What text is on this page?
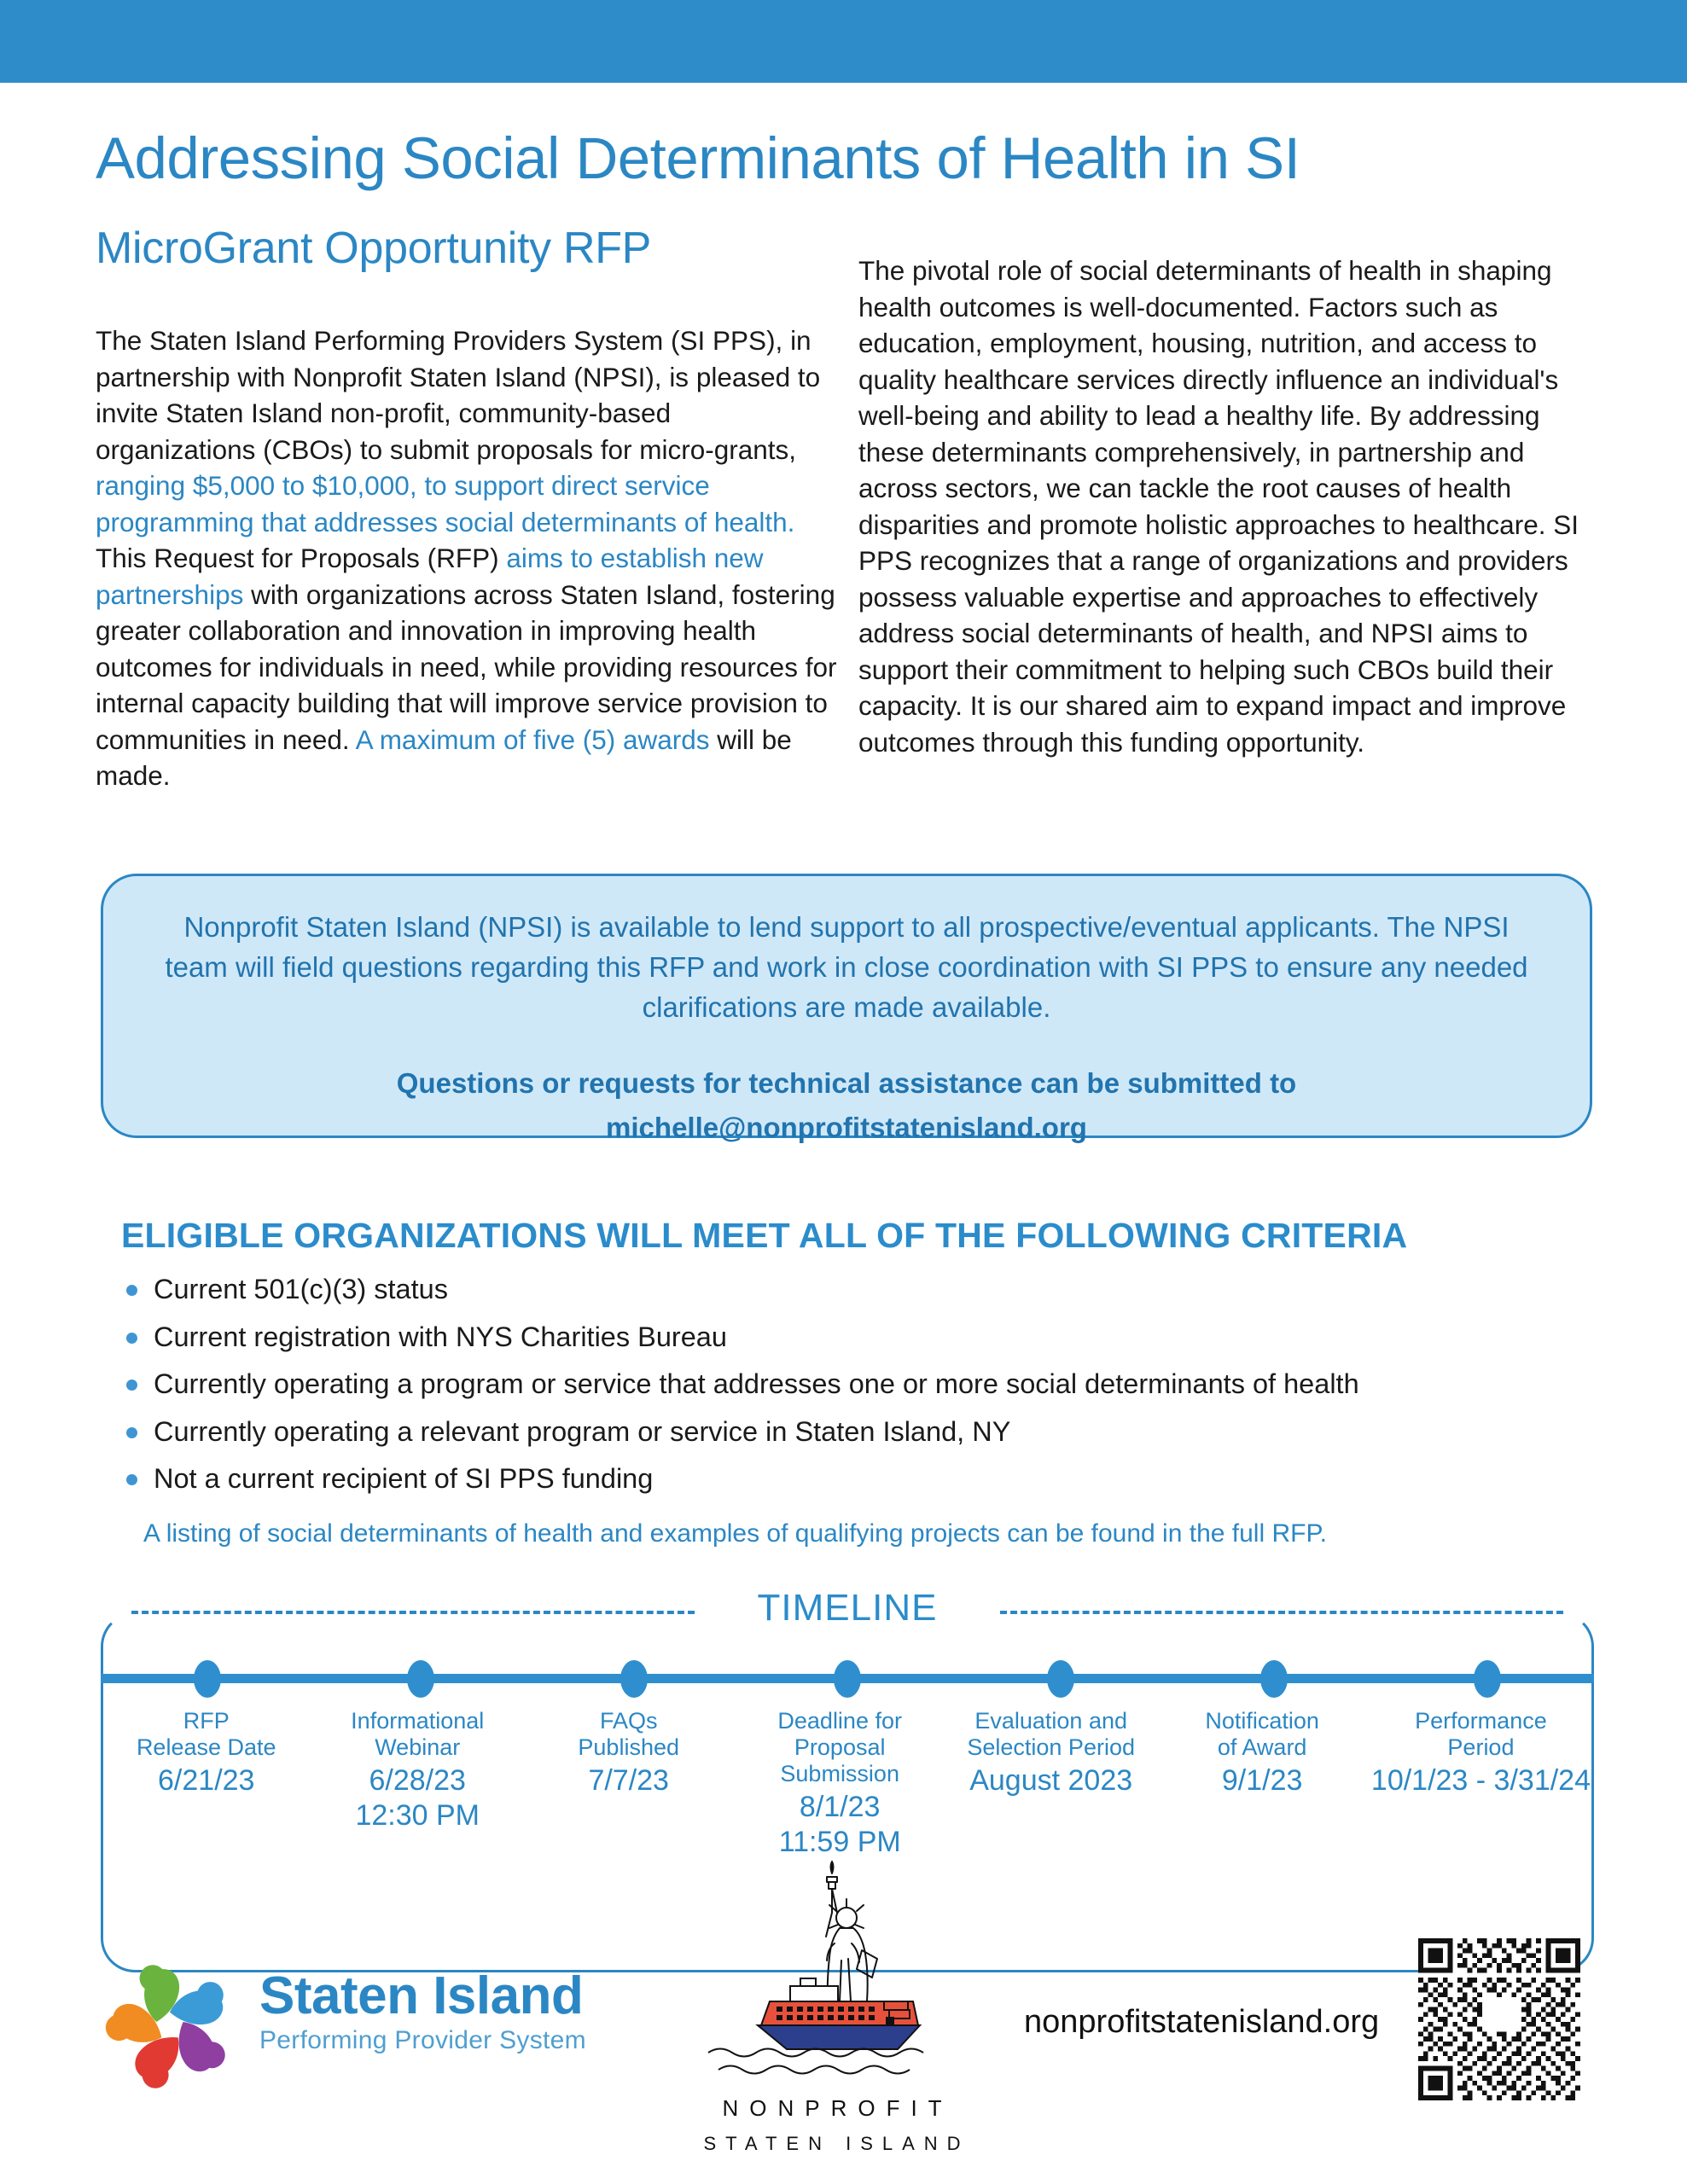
Addressing Social Determinants of Health in SI
MicroGrant Opportunity RFP
The Staten Island Performing Providers System (SI PPS), in partnership with Nonprofit Staten Island (NPSI), is pleased to invite Staten Island non-profit, community-based organizations (CBOs) to submit proposals for micro-grants, ranging $5,000 to $10,000, to support direct service programming that addresses social determinants of health. This Request for Proposals (RFP) aims to establish new partnerships with organizations across Staten Island, fostering greater collaboration and innovation in improving health outcomes for individuals in need, while providing resources for internal capacity building that will improve service provision to communities in need. A maximum of five (5) awards will be made.
The pivotal role of social determinants of health in shaping health outcomes is well-documented. Factors such as education, employment, housing, nutrition, and access to quality healthcare services directly influence an individual's well-being and ability to lead a healthy life. By addressing these determinants comprehensively, in partnership and across sectors, we can tackle the root causes of health disparities and promote holistic approaches to healthcare. SI PPS recognizes that a range of organizations and providers possess valuable expertise and approaches to effectively address social determinants of health, and NPSI aims to support their commitment to helping such CBOs build their capacity. It is our shared aim to expand impact and improve outcomes through this funding opportunity.

Nonprofit Staten Island (NPSI) is available to lend support to all prospective/eventual applicants. The NPSI team will field questions regarding this RFP and work in close coordination with SI PPS to ensure any needed clarifications are made available.

Questions or requests for technical assistance can be submitted to

michelle@nonprofitstatenisland.org

ELIGIBLE ORGANIZATIONS WILL MEET ALL OF THE FOLLOWING CRITERIA
Current 501(c)(3) status
Current registration with NYS Charities Bureau
Currently operating a program or service that addresses one or more social determinants of health
Currently operating a relevant program or service in Staten Island, NY
Not a current recipient of SI PPS funding
A listing of social determinants of health and examples of qualifying projects can be found in the full RFP.
TIMELINE
RFP
Release Date
6/21/23
Informational
Webinar
6/28/23
12:30 PM
FAQs
Published
7/7/23
Deadline for
Proposal Submission
8/1/23
11:59 PM
Evaluation and
Selection Period
August 2023
Notification
of Award
9/1/23
Performance
Period
10/1/23 - 3/31/24
Staten Island
Performing Provider System
NONPROFIT
STATEN ISLAND
nonprofitstatenisland.org
